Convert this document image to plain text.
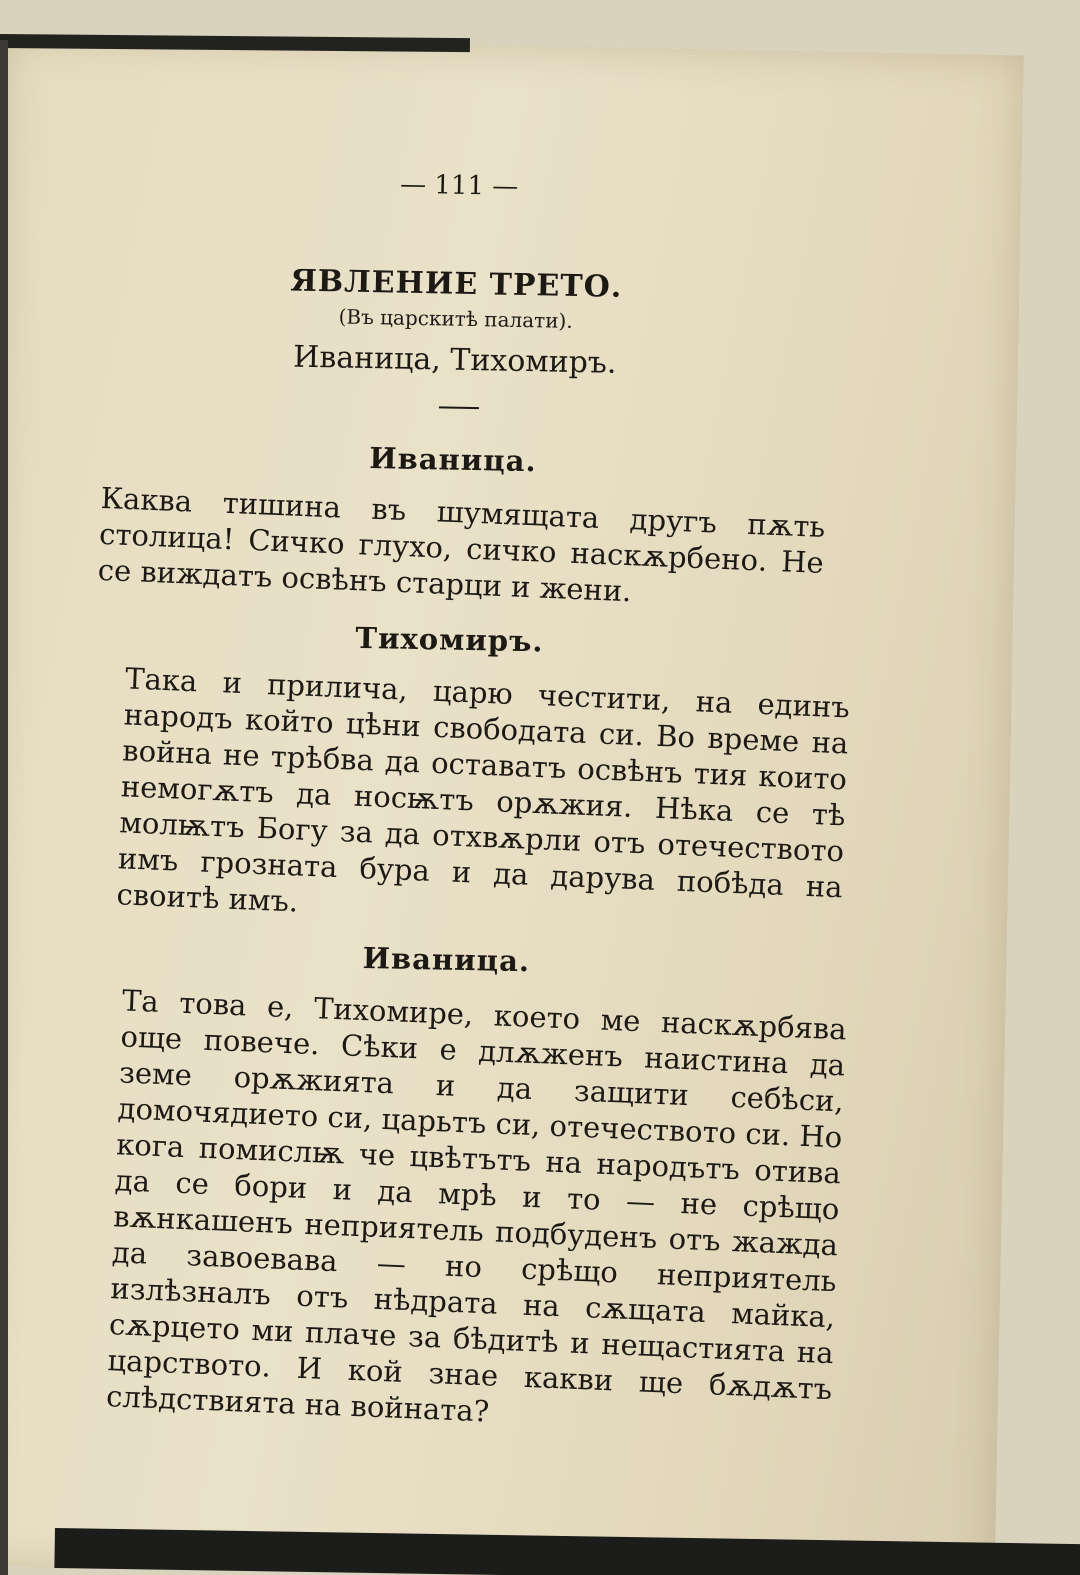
— 111 —
ЯВЛЕНИЕ ТРЕТО.
(Въ царскитѣ палати).
Иваница, Тихомиръ.
Иваница.

Каква тишина въ шумящата другъ пѫть столица! Сичко глухо, сичко наскѫрбено. Не се виждатъ освѣнъ старци и жени.

Тихомиръ.

Така и прилича, царю честити, на единъ народъ който цѣни свободата си. Во време на война не трѣбва да оставатъ освѣнъ тия които немогѫтъ да носѭтъ орѫжия. Нѣка се тѣ молѭтъ Богу за да отхвѫрли отъ отечеството имъ грозната бура и да дарува побѣда на своитѣ имъ.

Иваница.

Та това е, Тихомире, което ме наскѫрбява още повече. Сѣки е длѫженъ наистина да земе орѫжията и да защити себѣси, домочядието си, царьтъ си, отечеството си. Но кога помислѭ че цвѣтътъ на народътъ отива да се бори и да мрѣ и то — не срѣщо вѫнкашенъ неприятель подбуденъ отъ жажда да завоевава — но срѣщо неприятель излѣзналъ отъ нѣдрата на сѫщата майка, сѫрцето ми плаче за бѣдитѣ и нещастията на царството. И кой знае какви ще бѫдѫтъ слѣдствията на войната?
